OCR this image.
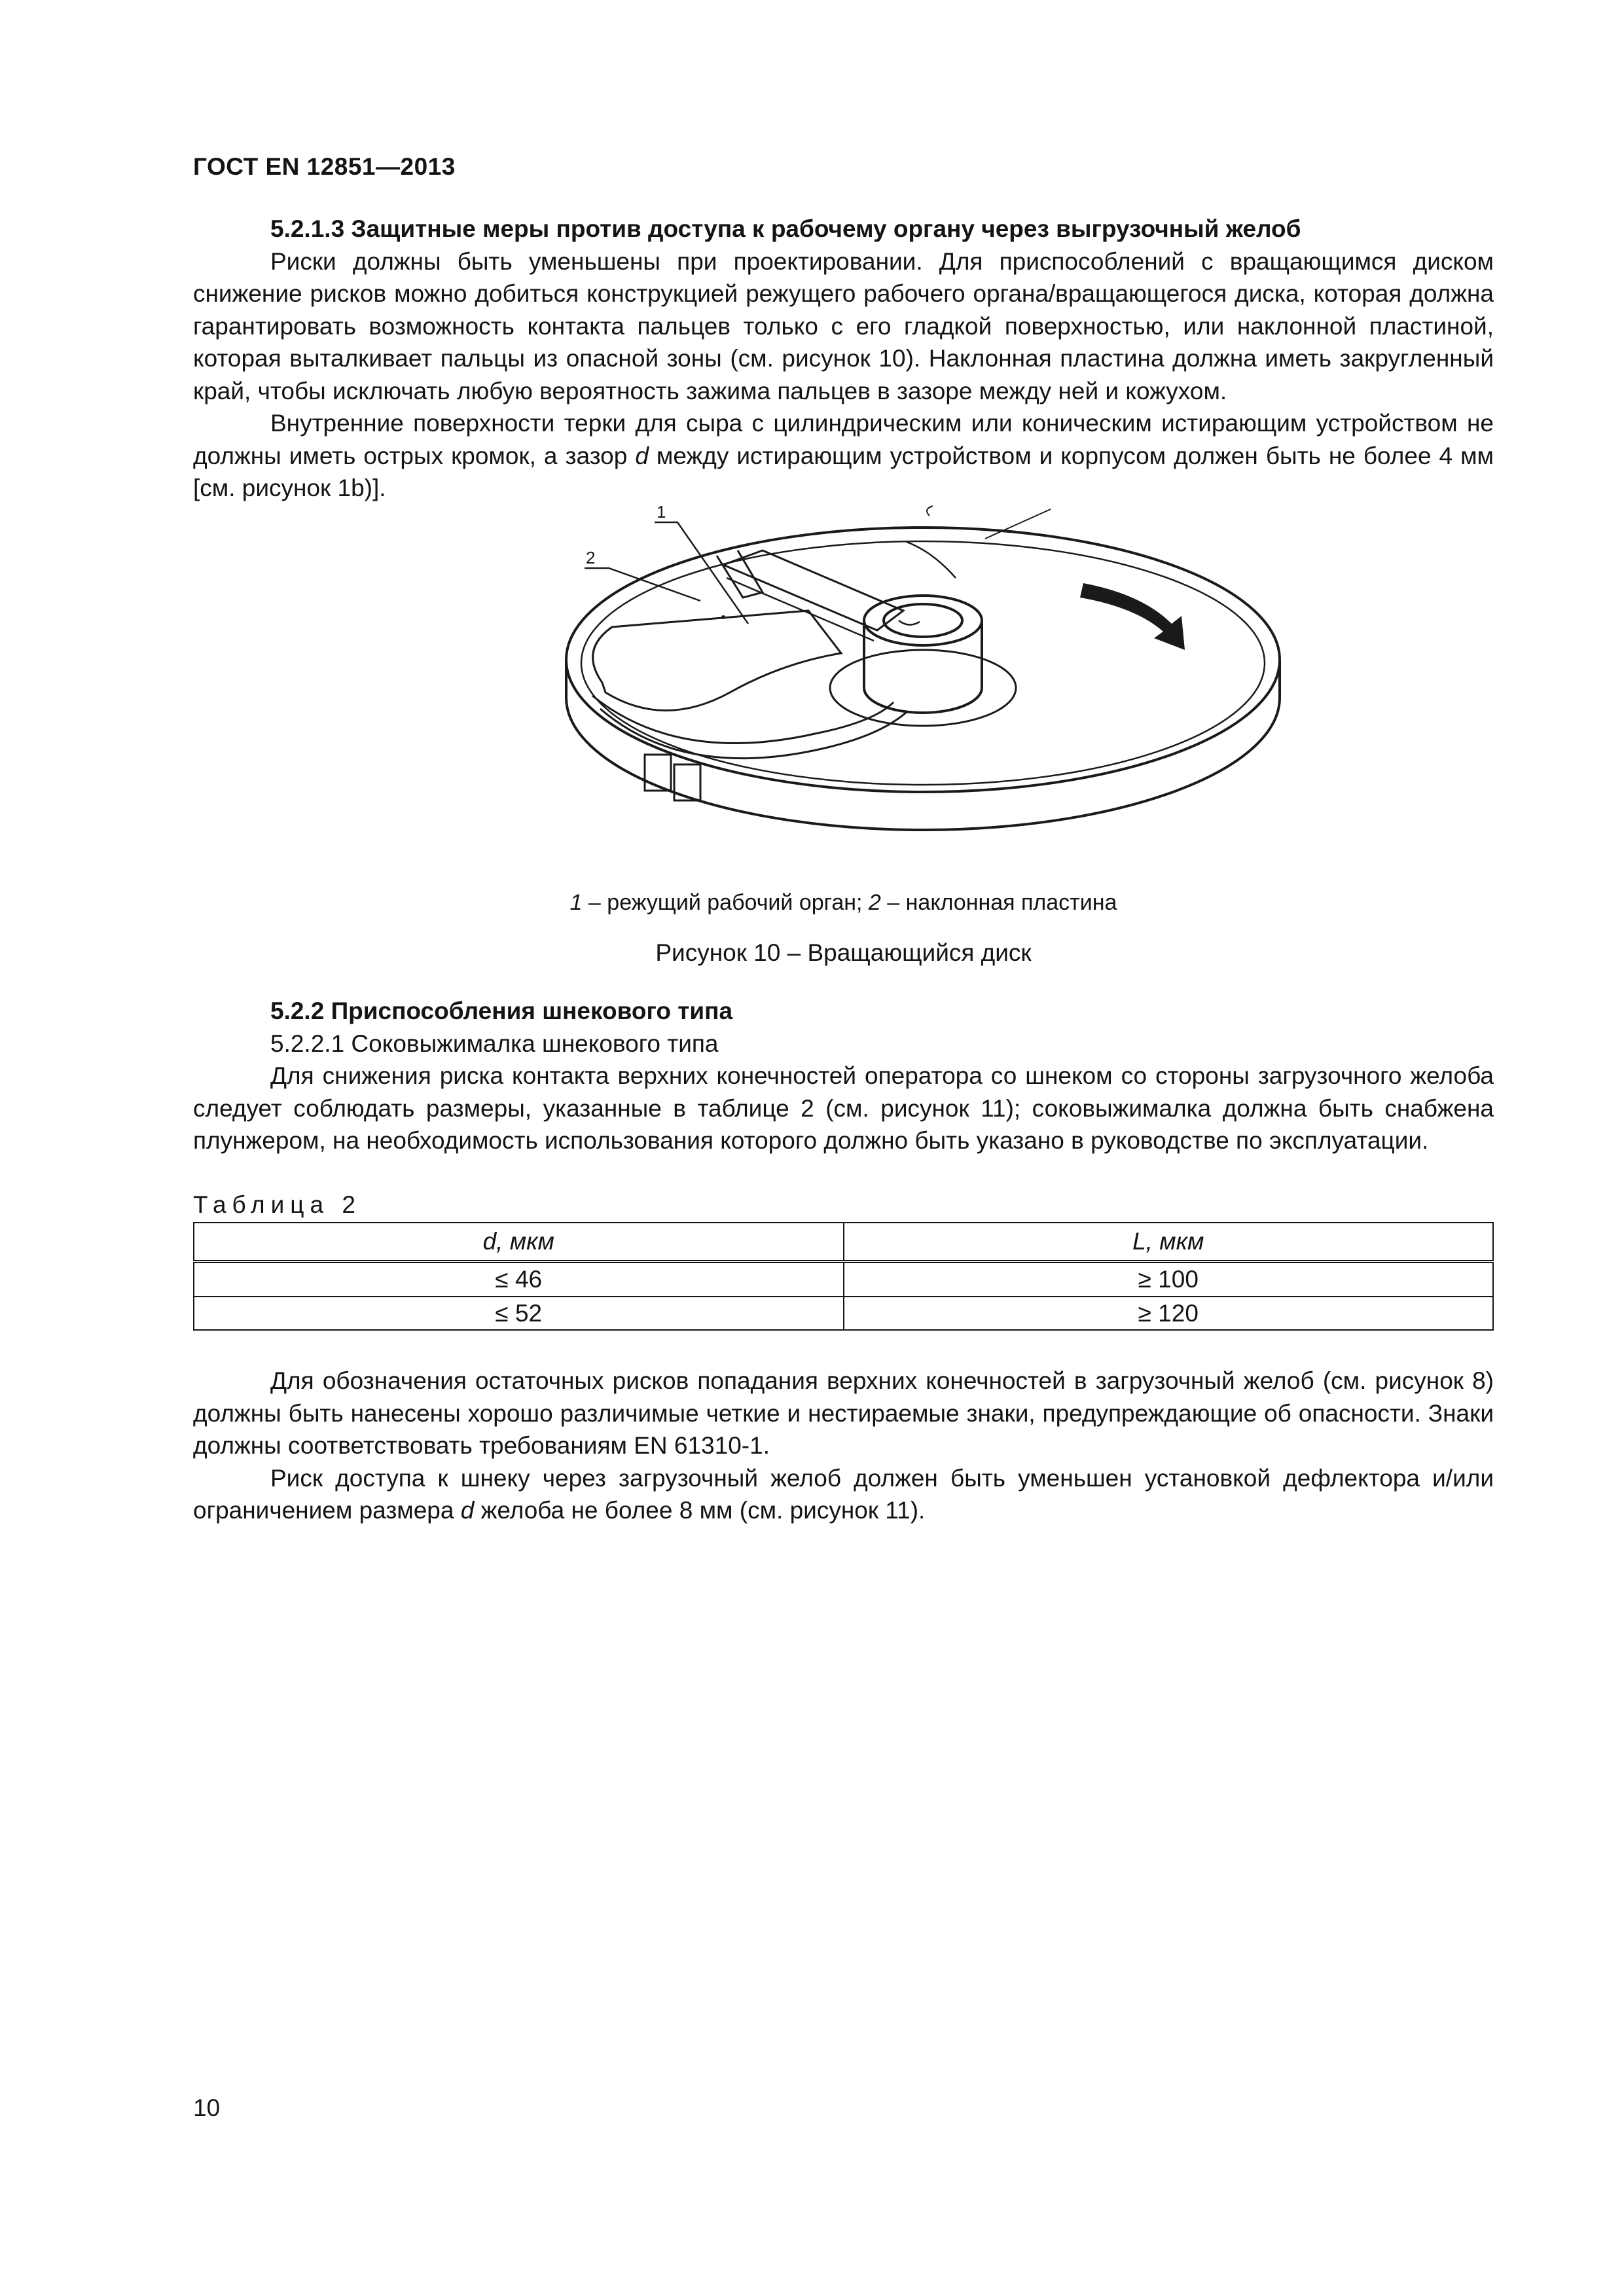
ГОСТ EN 12851—2013

5.2.1.3 Защитные меры против доступа к рабочему органу через выгрузочный желоб

Риски должны быть уменьшены при проектировании. Для приспособлений с вращающимся диском снижение рисков можно добиться конструкцией режущего рабочего органа/вращающегося диска, которая должна гарантировать возможность контакта пальцев только с его гладкой поверхностью, или наклонной пластиной, которая выталкивает пальцы из опасной зоны (см. рисунок 10). Наклонная пластина должна иметь закругленный край, чтобы исключать любую вероятность зажима пальцев в зазоре между ней и кожухом.

Внутренние поверхности терки для сыра с цилиндрическим или коническим истирающим устройством не должны иметь острых кромок, а зазор d между истирающим устройством и корпусом должен быть не более 4 мм [см. рисунок 1b)].

1
2
1 – режущий рабочий орган; 2 – наклонная пластина
Рисунок 10 – Вращающийся диск

5.2.2 Приспособления шнекового типа

5.2.2.1 Соковыжималка шнекового типа

Для снижения риска контакта верхних конечностей оператора со шнеком со стороны загрузочного желоба следует соблюдать размеры, указанные в таблице 2 (см. рисунок 11); соковыжималка должна быть снабжена плунжером, на необходимость использования которого должно быть указано в руководстве по эксплуатации.

Таблица 2
d, мкм	L, мкм
≤ 46	≥ 100
≤ 52	≥ 120

Для обозначения остаточных рисков попадания верхних конечностей в загрузочный желоб (см. рисунок 8) должны быть нанесены хорошо различимые четкие и нестираемые знаки, предупреждающие об опасности. Знаки должны соответствовать требованиям EN 61310-1.

Риск доступа к шнеку через загрузочный желоб должен быть уменьшен установкой дефлектора и/или ограничением размера d желоба не более 8 мм (см. рисунок 11).

10
